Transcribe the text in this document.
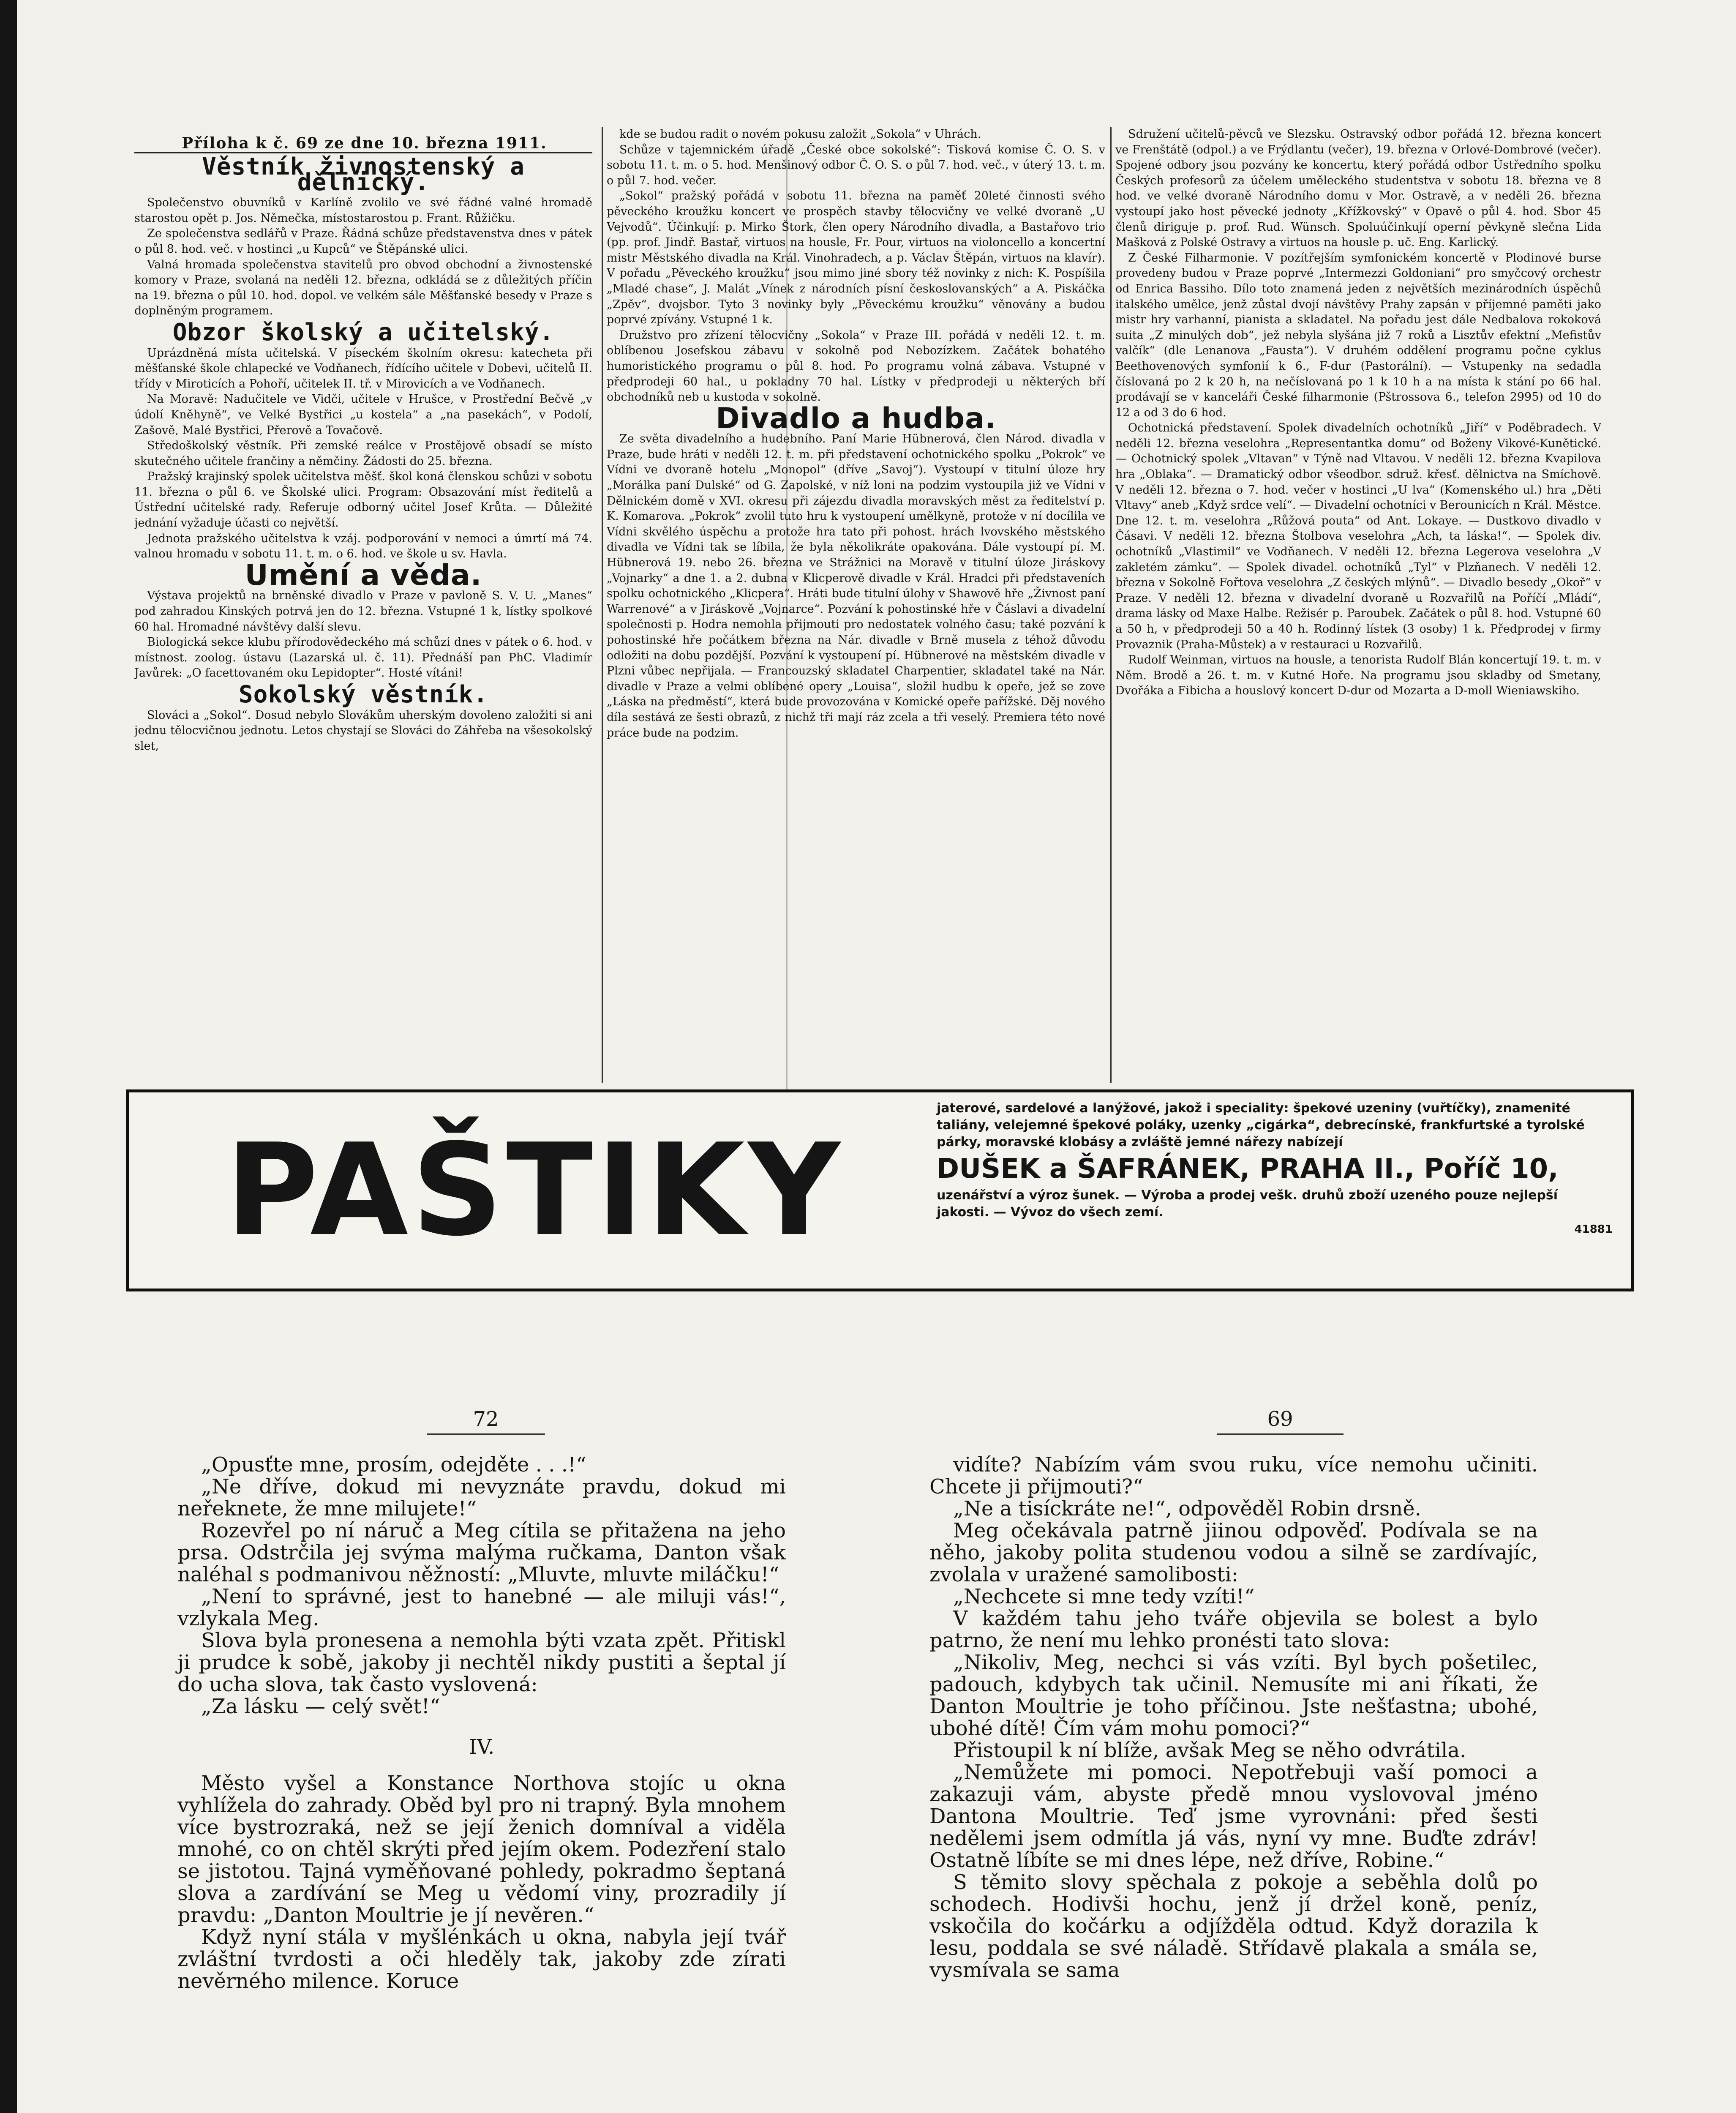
Příloha k č. 69 ze dne 10. března 1911.
Věstník živnostenský a dělnický.

Společenstvo obuvníků v Karlíně zvolilo ve své řádné valné hromadě starostou opět p. Jos. Němečka, místostarostou p. Frant. Růžičku.

Ze společenstva sedlářů v Praze. Řádná schůze představenstva dnes v pátek o půl 8. hod. več. v hostinci „u Kupců“ ve Štěpánské ulici.

Valná hromada společenstva stavitelů pro obvod obchodní a živnostenské komory v Praze, svolaná na neděli 12. března, odkládá se z důležitých příčin na 19. března o půl 10. hod. dopol. ve velkém sále Měšťanské besedy v Praze s doplněným programem.

Obzor školský a učitelský.

Uprázdněná místa učitelská. V píseckém školním okresu: katecheta při měšťanské škole chlapecké ve Vodňanech, řídícího učitele v Dobevi, učitelů II. třídy v Miroticích a Pohoří, učitelek II. tř. v Mirovicích a ve Vodňanech.

Na Moravě: Nadučitele ve Vidči, učitele v Hrušce, v Prostřední Bečvě „v údolí Kněhyně“, ve Velké Bystřici „u kostela“ a „na pasekách“, v Podolí, Zašově, Malé Bystřici, Přerově a Tovačově.

Středoškolský věstník. Při zemské reálce v Prostějově obsadí se místo skutečného učitele frančiny a němčiny. Žádosti do 25. března.

Pražský krajinský spolek učitelstva měšť. škol koná členskou schůzi v sobotu 11. března o půl 6. ve Školské ulici. Program: Obsazování míst ředitelů a Ústřední učitelské rady. Referuje odborný učitel Josef Krůta. — Důležité jednání vyžaduje účasti co největší.

Jednota pražského učitelstva k vzáj. podporování v nemoci a úmrtí má 74. valnou hromadu v sobotu 11. t. m. o 6. hod. ve škole u sv. Havla.

Umění a věda.

Výstava projektů na brněnské divadlo v Praze v pavloně S. V. U. „Manes“ pod zahradou Kinských potrvá jen do 12. března. Vstupné 1 k, lístky spolkové 60 hal. Hromadné návštěvy další slevu.

Biologická sekce klubu přírodovědeckého má schůzi dnes v pátek o 6. hod. v místnost. zoolog. ústavu (Lazarská ul. č. 11). Přednáší pan PhC. Vladimír Javůrek: „O facettovaném oku Lepidopter“. Hosté vítáni!

Sokolský věstník.

Slováci a „Sokol“. Dosud nebylo Slovákům uherským dovoleno založiti si ani jednu tělocvičnou jednotu. Letos chystají se Slováci do Záhřeba na všesokolský slet,

kde se budou radit o novém pokusu založit „Sokola“ v Uhrách.

Schůze v tajemnickém úřadě „České obce sokolské“: Tisková komise Č. O. S. v sobotu 11. t. m. o 5. hod. Menšinový odbor Č. O. S. o půl 7. hod. več., v úterý 13. t. m. o půl 7. hod. večer.

„Sokol“ pražský pořádá v sobotu 11. března na paměť 20leté činnosti svého pěveckého kroužku koncert ve prospěch stavby tělocvičny ve velké dvoraně „U Vejvodů“. Účinkují: p. Mirko Štork, člen opery Národního divadla, a Bastařovo trio (pp. prof. Jindř. Bastař, virtuos na housle, Fr. Pour, virtuos na violoncello a koncertní mistr Městského divadla na Král. Vinohradech, a p. Václav Štěpán, virtuos na klavír). V pořadu „Pěveckého kroužku“ jsou mimo jiné sbory též novinky z nich: K. Pospíšila „Mladé chase“, J. Malát „Vínek z národních písní českoslovanských“ a A. Piskáčka „Zpěv“, dvojsbor. Tyto 3 novinky byly „Pěveckému kroužku“ věnovány a budou poprvé zpívány. Vstupné 1 k.

Družstvo pro zřízení tělocvičny „Sokola“ v Praze III. pořádá v neděli 12. t. m. oblíbenou Josefskou zábavu v sokolně pod Nebozízkem. Začátek bohatého humoristického programu o půl 8. hod. Po programu volná zábava. Vstupné v předprodeji 60 hal., u pokladny 70 hal. Lístky v předprodeji u některých bří obchodníků neb u kustoda v sokolně.

Divadlo a hudba.

Ze světa divadelního a hudebního. Paní Marie Hübnerová, člen Národ. divadla v Praze, bude hráti v neděli 12. t. m. při představení ochotnického spolku „Pokrok“ ve Vídni ve dvoraně hotelu „Monopol“ (dříve „Savoj“). Vystoupí v titulní úloze hry „Morálka paní Dulské“ od G. Zapolské, v níž loni na podzim vystoupila již ve Vídni v Dělnickém domě v XVI. okresu při zájezdu divadla moravských měst za ředitelství p. K. Komarova. „Pokrok“ zvolil tuto hru k vystoupení umělkyně, protože v ní docílila ve Vídni skvělého úspěchu a protože hra tato při pohost. hrách lvovského městského divadla ve Vídni tak se líbila, že byla několikráte opakována. Dále vystoupí pí. M. Hübnerová 19. nebo 26. března ve Strážnici na Moravě v titulní úloze Jiráskovy „Vojnarky“ a dne 1. a 2. dubna v Klicperově divadle v Král. Hradci při představeních spolku ochotnického „Klicpera“. Hráti bude titulní úlohy v Shawově hře „Živnost paní Warrenové“ a v Jiráskově „Vojnarce“. Pozvání k pohostinské hře v Čáslavi a divadelní společnosti p. Hodra nemohla přijmouti pro nedostatek volného času; také pozvání k pohostinské hře počátkem března na Nár. divadle v Brně musela z téhož důvodu odložiti na dobu pozdější. Pozvání k vystoupení pí. Hübnerové na městském divadle v Plzni vůbec nepřijala. — Francouzský skladatel Charpentier, skladatel také na Nár. divadle v Praze a velmi oblíbené opery „Louisa“, složil hudbu k opeře, jež se zove „Láska na předměstí“, která bude provozována v Komické opeře pařížské. Děj nového díla sestává ze šesti obrazů, z nichž tři mají ráz zcela a tři veselý. Premiera této nové práce bude na podzim.

Sdružení učitelů-pěvců ve Slezsku. Ostravský odbor pořádá 12. března koncert ve Frenštátě (odpol.) a ve Frýdlantu (večer), 19. března v Orlové-Dombrové (večer). Spojené odbory jsou pozvány ke koncertu, který pořádá odbor Ústředního spolku Českých profesorů za účelem uměleckého studentstva v sobotu 18. března ve 8 hod. ve velké dvoraně Národního domu v Mor. Ostravě, a v neděli 26. března vystoupí jako host pěvecké jednoty „Křížkovský“ v Opavě o půl 4. hod. Sbor 45 členů diriguje p. prof. Rud. Wünsch. Spoluúčinkují operní pěvkyně slečna Lida Mašková z Polské Ostravy a virtuos na housle p. uč. Eng. Karlický.

Z České Filharmonie. V pozítřejším symfonickém koncertě v Plodinové burse provedeny budou v Praze poprvé „Intermezzi Goldoniani“ pro smyčcový orchestr od Enrica Bassiho. Dílo toto znamená jeden z největších mezinárodních úspěchů italského umělce, jenž zůstal dvojí návštěvy Prahy zapsán v příjemné paměti jako mistr hry varhanní, pianista a skladatel. Na pořadu jest dále Nedbalova rokoková suita „Z minulých dob“, jež nebyla slyšána již 7 roků a Lisztův efektní „Mefistův valčík“ (dle Lenanova „Fausta“). V druhém oddělení programu počne cyklus Beethovenových symfonií k 6., F-dur (Pastorální). — Vstupenky na sedadla číslovaná po 2 k 20 h, na nečíslovaná po 1 k 10 h a na místa k stání po 66 hal. prodávají se v kanceláři České filharmonie (Pštrossova 6., telefon 2995) od 10 do 12 a od 3 do 6 hod.

Ochotnická představení. Spolek divadelních ochotníků „Jiří“ v Poděbradech. V neděli 12. března veselohra „Representantka domu“ od Boženy Vikové-Kunětické. — Ochotnický spolek „Vltavan“ v Týně nad Vltavou. V neděli 12. března Kvapilova hra „Oblaka“. — Dramatický odbor všeodbor. sdruž. křesť. dělnictva na Smíchově. V neděli 12. března o 7. hod. večer v hostinci „U lva“ (Komenského ul.) hra „Děti Vltavy“ aneb „Když srdce velí“. — Divadelní ochotníci v Berounicích n Král. Městce. Dne 12. t. m. veselohra „Růžová pouta“ od Ant. Lokaye. — Dustkovo divadlo v Čásavi. V neděli 12. března Štolbova veselohra „Ach, ta láska!“. — Spolek div. ochotníků „Vlastimil“ ve Vodňanech. V neděli 12. března Legerova veselohra „V zakletém zámku“. — Spolek divadel. ochotníků „Tyl“ v Plzňanech. V neděli 12. března v Sokolně Fořtova veselohra „Z českých mlýnů“. — Divadlo besedy „Okoř“ v Praze. V neděli 12. března v divadelní dvoraně u Rozvařilů na Poříčí „Mládí“, drama lásky od Maxe Halbe. Režisér p. Paroubek. Začátek o půl 8. hod. Vstupné 60 a 50 h, v předprodeji 50 a 40 h. Rodinný lístek (3 osoby) 1 k. Předprodej v firmy Provaznik (Praha-Můstek) a v restauraci u Rozvařilů.

Rudolf Weinman, virtuos na housle, a tenorista Rudolf Blán koncertují 19. t. m. v Něm. Brodě a 26. t. m. v Kutné Hoře. Na programu jsou skladby od Smetany, Dvořáka a Fibicha a houslový koncert D-dur od Mozarta a D-moll Wieniawskiho.

PAŠTIKY
jaterové, sardelové a lanýžové, jakož i speciality: špekové uzeniny (vuřtíčky), znamenité taliány, velejemné špekové poláky, uzenky „cigárka“, debrecínské, frankfurtské a tyrolské párky, moravské klobásy a zvláště jemné nářezy nabízejí
DUŠEK a ŠAFRÁNEK, PRAHA II., Poříč 10,
uzenářství a výroz šunek. — Výroba a prodej vešk. druhů zboží uzeného pouze nejlepší jakosti. — Vývoz do všech zemí.
41881
72	69

„Opusťte mne, prosím, odejděte . . .!“

„Ne dříve, dokud mi nevyznáte pravdu, dokud mi neřeknete, že mne milujete!“

Rozevřel po ní náruč a Meg cítila se přitažena na jeho prsa. Odstrčila jej svýma malýma ručkama, Danton však naléhal s podmanivou něžností: „Mluvte, mluvte miláčku!“

„Není to správné, jest to hanebné — ale miluji vás!“, vzlykala Meg.

Slova byla pronesena a nemohla býti vzata zpět. Přitiskl ji prudce k sobě, jakoby ji nechtěl nikdy pustiti a šeptal jí do ucha slova, tak často vyslovená:

„Za lásku — celý svět!“

IV.

Město vyšel a Konstance Northova stojíc u okna vyhlížela do zahrady. Oběd byl pro ni trapný. Byla mnohem více bystrozraká, než se její ženich domníval a viděla mnohé, co on chtěl skrýti před jejím okem. Podezření stalo se jistotou. Tajná vyměňované pohledy, pokradmo šeptaná slova a zardívání se Meg u vědomí viny, prozradily jí pravdu: „Danton Moultrie je jí nevěren.“

Když nyní stála v myšlénkách u okna, nabyla její tvář zvláštní tvrdosti a oči hleděly tak, jakoby zde zírati nevěrného milence. Koruce

vidíte? Nabízím vám svou ruku, více nemohu učiniti. Chcete ji přijmouti?“

„Ne a tisíckráte ne!“, odpověděl Robin drsně.

Meg očekávala patrně jiinou odpověď. Podívala se na něho, jakoby polita studenou vodou a silně se zardívajíc, zvolala v uražené samolibosti:

„Nechcete si mne tedy vzíti!“

V každém tahu jeho tváře objevila se bolest a bylo patrno, že není mu lehko pronésti tato slova:

„Nikoliv, Meg, nechci si vás vzíti. Byl bych pošetilec, padouch, kdybych tak učinil. Nemusíte mi ani říkati, že Danton Moultrie je toho příčinou. Jste nešťastna; ubohé, ubohé dítě! Čím vám mohu pomoci?“

Přistoupil k ní blíže, avšak Meg se něho odvrátila.

„Nemůžete mi pomoci. Nepotřebuji vaší pomoci a zakazuji vám, abyste předě mnou vyslovoval jméno Dantona Moultrie. Teď jsme vyrovnáni: před šesti nedělemi jsem odmítla já vás, nyní vy mne. Buďte zdráv! Ostatně líbíte se mi dnes lépe, než dříve, Robine.“

S těmito slovy spěchala z pokoje a seběhla dolů po schodech. Hodivši hochu, jenž jí držel koně, peníz, vskočila do kočárku a odjížděla odtud. Když dorazila k lesu, poddala se své náladě. Střídavě plakala a smála se, vysmívala se sama
